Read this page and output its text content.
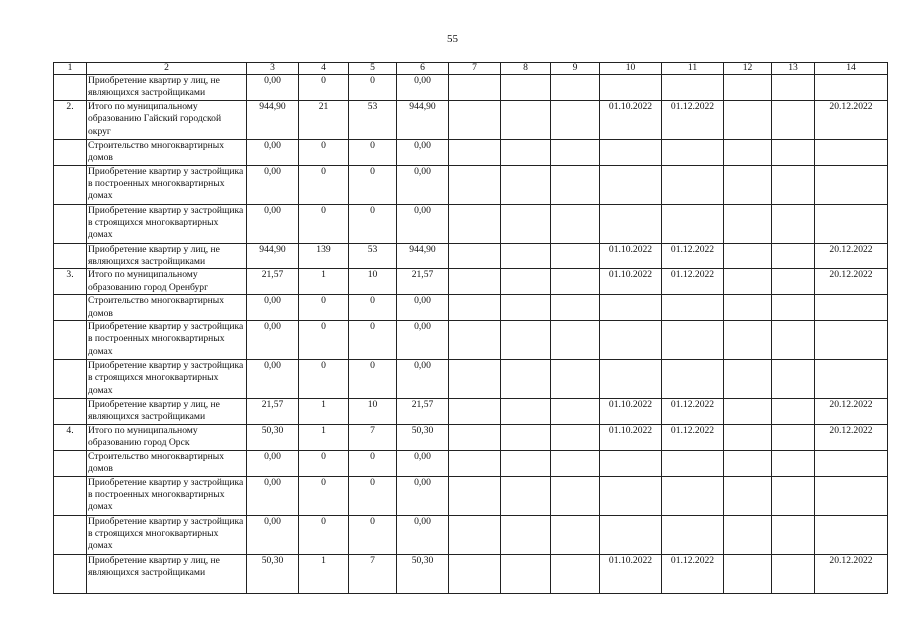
55
1	2	3	4	5	6	7	8	9	10	11	12	13	14
	Приобретение квартир у лиц, не являющихся застройщиками	0,00	0	0	0,00								
2.	Итого по муниципальному образованию Гайский городской округ	944,90	21	53	944,90				01.10.2022	01.12.2022			20.12.2022
	Строительство многоквартирных домов	0,00	0	0	0,00								
	Приобретение квартир у застройщика в построенных многоквартирных домах	0,00	0	0	0,00								
	Приобретение квартир у застройщика в строящихся многоквартирных домах	0,00	0	0	0,00								
	Приобретение квартир у лиц, не являющихся застройщиками	944,90	139	53	944,90				01.10.2022	01.12.2022			20.12.2022
3.	Итого по муниципальному образованию город Оренбург	21,57	1	10	21,57				01.10.2022	01.12.2022			20.12.2022
	Строительство многоквартирных домов	0,00	0	0	0,00								
	Приобретение квартир у застройщика в построенных многоквартирных домах	0,00	0	0	0,00								
	Приобретение квартир у застройщика в строящихся многоквартирных домах	0,00	0	0	0,00								
	Приобретение квартир у лиц, не являющихся застройщиками	21,57	1	10	21,57				01.10.2022	01.12.2022			20.12.2022
4.	Итого по муниципальному образованию город Орск	50,30	1	7	50,30				01.10.2022	01.12.2022			20.12.2022
	Строительство многоквартирных домов	0,00	0	0	0,00								
	Приобретение квартир у застройщика в построенных многоквартирных домах	0,00	0	0	0,00								
	Приобретение квартир у застройщика в строящихся многоквартирных домах	0,00	0	0	0,00								
	Приобретение квартир у лиц, не являющихся застройщиками	50,30	1	7	50,30				01.10.2022	01.12.2022			20.12.2022
